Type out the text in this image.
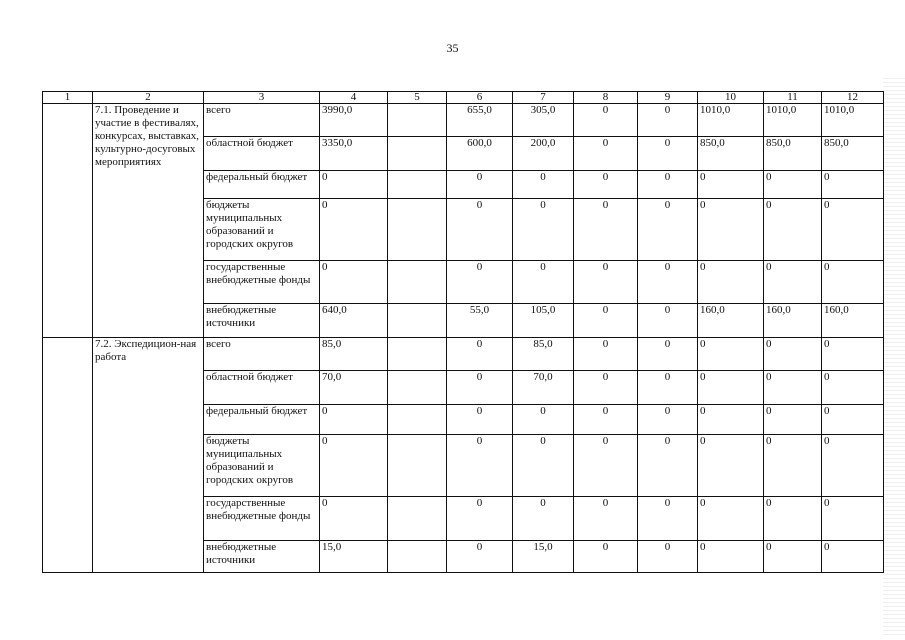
35
1	2	3	4	5	6	7	8	9	10	11	12
	7.1. Проведение и участие в фестивалях, конкурсах, выставках, культурно-досуговых мероприятиях	всего	3990,0		655,0	305,0	0	0	1010,0	1010,0	1010,0
		областной бюджет	3350,0		600,0	200,0	0	0	850,0	850,0	850,0
		федеральный бюджет	0		0	0	0	0	0	0	0
		бюджеты муниципальных образований и городских округов	0		0	0	0	0	0	0	0
		государственные внебюджетные фонды	0		0	0	0	0	0	0	0
		внебюджетные источники	640,0		55,0	105,0	0	0	160,0	160,0	160,0
	7.2. Экспедицион-ная работа	всего	85,0		0	85,0	0	0	0	0	0
		областной бюджет	70,0		0	70,0	0	0	0	0	0
		федеральный бюджет	0		0	0	0	0	0	0	0
		бюджеты муниципальных образований и городских округов	0		0	0	0	0	0	0	0
		государственные внебюджетные фонды	0		0	0	0	0	0	0	0
		внебюджетные источники	15,0		0	15,0	0	0	0	0	0
